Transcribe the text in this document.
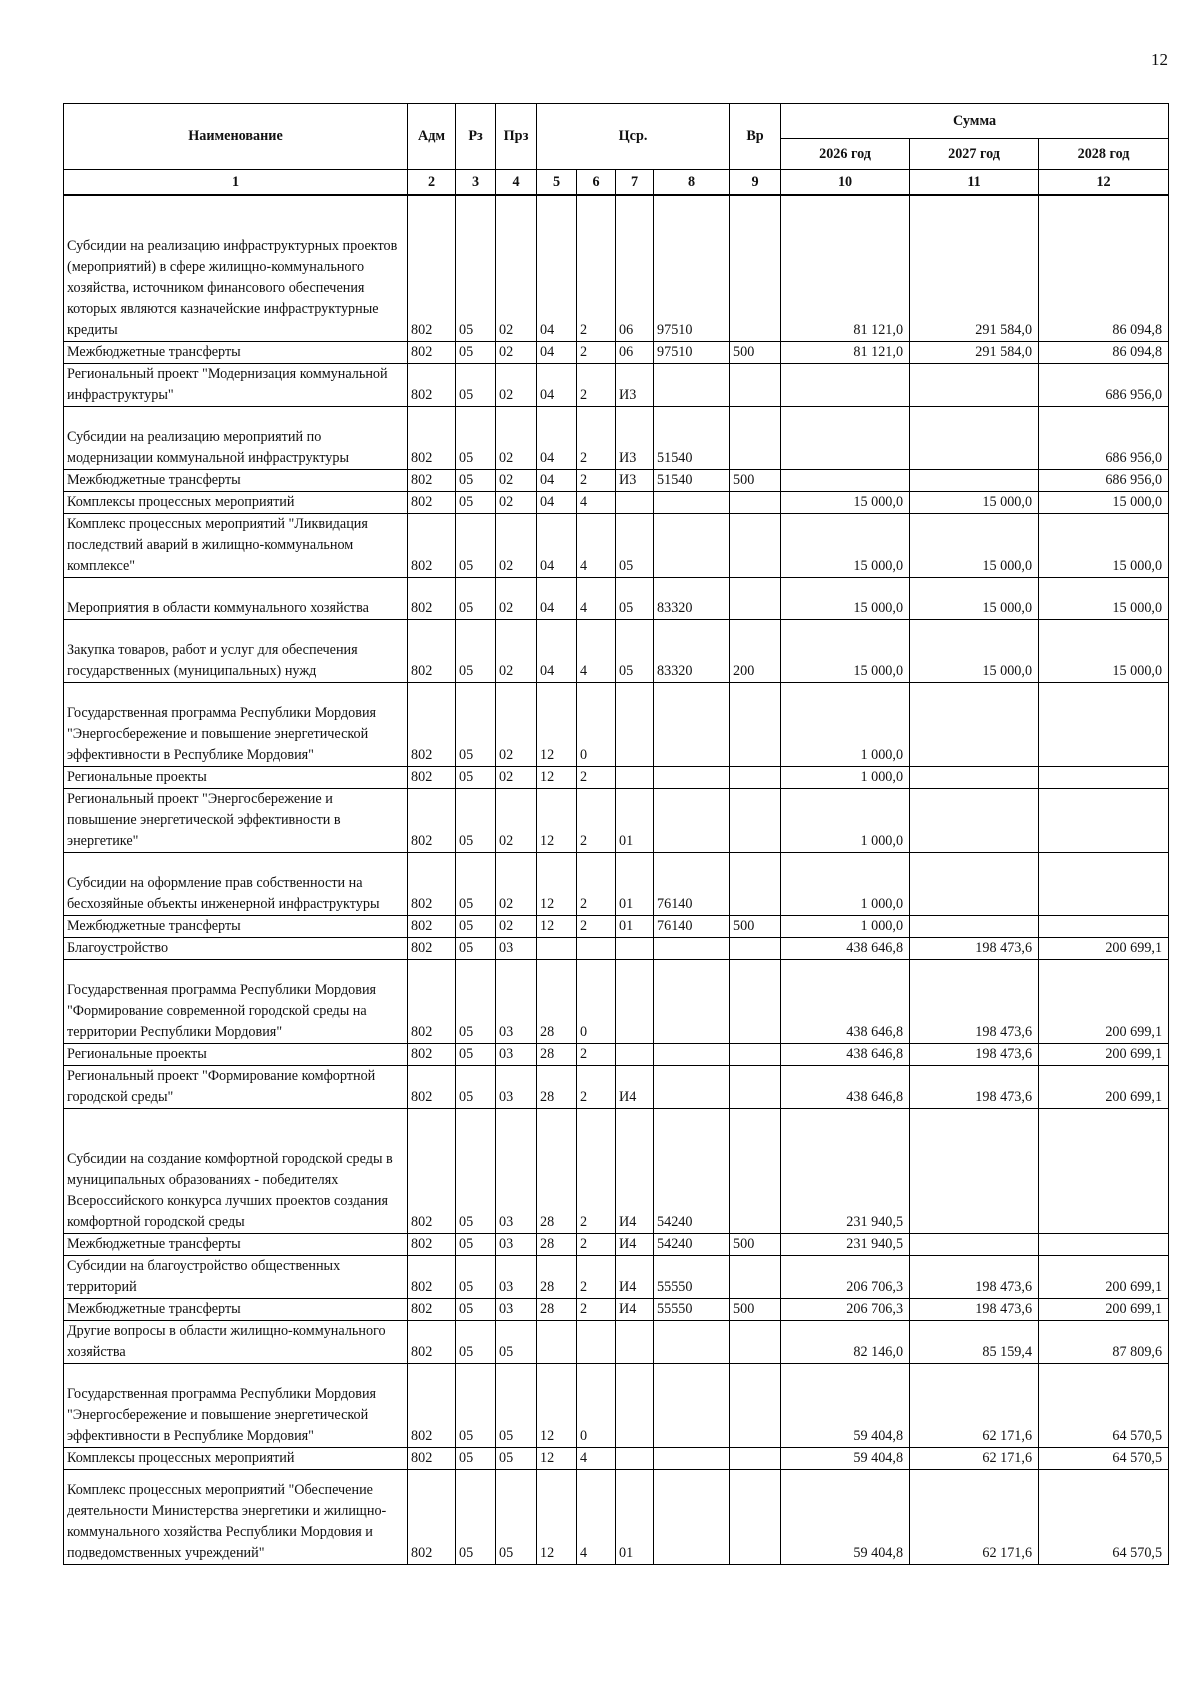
12
Наименование	Адм	Рз	Прз	Цср.				Вр	Сумма		
									2026 год	2027 год	2028 год
1	2	3	4	5	6	7	8	9	10	11	12
Субсидии на реализацию инфраструктурных проектов (мероприятий) в сфере жилищно-коммунального хозяйства, источником финансового обеспечения которых являются казначейские инфраструктурные кредиты	802	05	02	04	2	06	97510		81 121,0	291 584,0	86 094,8
Межбюджетные трансферты	802	05	02	04	2	06	97510	500	81 121,0	291 584,0	86 094,8
Региональный проект "Модернизация коммунальной инфраструктуры"	802	05	02	04	2	И3					686 956,0
Субсидии на реализацию мероприятий по модернизации коммунальной инфраструктуры	802	05	02	04	2	И3	51540				686 956,0
Межбюджетные трансферты	802	05	02	04	2	И3	51540	500			686 956,0
Комплексы процессных мероприятий	802	05	02	04	4				15 000,0	15 000,0	15 000,0
Комплекс процессных мероприятий "Ликвидация последствий аварий в жилищно-коммунальном комплексе"	802	05	02	04	4	05			15 000,0	15 000,0	15 000,0
Мероприятия в области коммунального хозяйства	802	05	02	04	4	05	83320		15 000,0	15 000,0	15 000,0
Закупка товаров, работ и услуг для обеспечения государственных (муниципальных) нужд	802	05	02	04	4	05	83320	200	15 000,0	15 000,0	15 000,0
Государственная программа Республики Мордовия "Энергосбережение и повышение энергетической эффективности в Республике Мордовия"	802	05	02	12	0				1 000,0		
Региональные проекты	802	05	02	12	2				1 000,0		
Региональный проект "Энергосбережение и повышение энергетической эффективности в энергетике"	802	05	02	12	2	01			1 000,0		
Субсидии на оформление прав собственности на бесхозяйные объекты инженерной инфраструктуры	802	05	02	12	2	01	76140		1 000,0		
Межбюджетные трансферты	802	05	02	12	2	01	76140	500	1 000,0		
Благоустройство	802	05	03						438 646,8	198 473,6	200 699,1
Государственная программа Республики Мордовия "Формирование современной городской среды на территории Республики Мордовия"	802	05	03	28	0				438 646,8	198 473,6	200 699,1
Региональные проекты	802	05	03	28	2				438 646,8	198 473,6	200 699,1
Региональный проект "Формирование комфортной городской среды"	802	05	03	28	2	И4			438 646,8	198 473,6	200 699,1
Субсидии на создание комфортной городской среды в муниципальных образованиях - победителях Всероссийского конкурса лучших проектов создания комфортной городской среды	802	05	03	28	2	И4	54240		231 940,5		
Межбюджетные трансферты	802	05	03	28	2	И4	54240	500	231 940,5		
Субсидии на благоустройство общественных территорий	802	05	03	28	2	И4	55550		206 706,3	198 473,6	200 699,1
Межбюджетные трансферты	802	05	03	28	2	И4	55550	500	206 706,3	198 473,6	200 699,1
Другие вопросы в области жилищно-коммунального хозяйства	802	05	05						82 146,0	85 159,4	87 809,6
Государственная программа Республики Мордовия "Энергосбережение и повышение энергетической эффективности в Республике Мордовия"	802	05	05	12	0				59 404,8	62 171,6	64 570,5
Комплексы процессных мероприятий	802	05	05	12	4				59 404,8	62 171,6	64 570,5
Комплекс процессных мероприятий "Обеспечение деятельности Министерства энергетики и жилищно-коммунального хозяйства Республики Мордовия и подведомственных учреждений"	802	05	05	12	4	01			59 404,8	62 171,6	64 570,5
